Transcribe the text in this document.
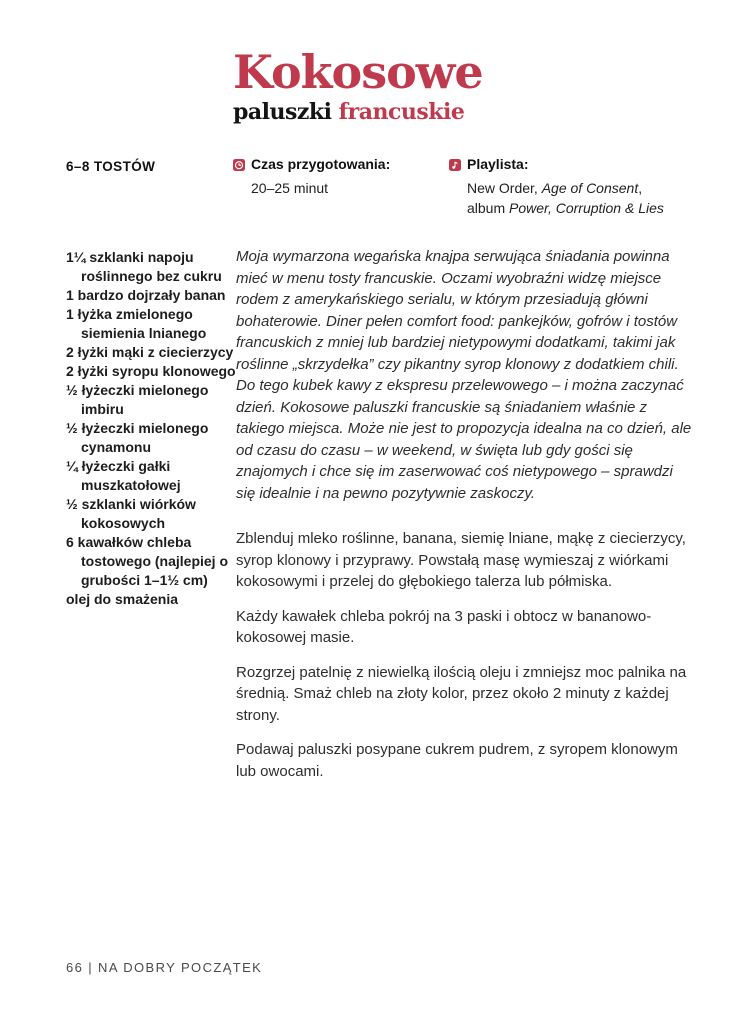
Kokosowe
paluszki francuskie
6–8 TOSTÓW	Czas przygotowania:
20–25 minut
Playlista:
New Order, Age of Consent,
album Power, Corruption & Lies
1¼ szklanki napoju roślinnego bez cukru
1 bardzo dojrzały banan
1 łyżka zmielonego siemienia lnianego
2 łyżki mąki z ciecierzycy
2 łyżki syropu klonowego
½ łyżeczki mielonego imbiru
½ łyżeczki mielonego cynamonu
¼ łyżeczki gałki muszkatołowej
½ szklanki wiórków kokosowych
6 kawałków chleba tostowego (najlepiej o grubości 1–1½ cm)
olej do smażenia

Moja wymarzona wegańska knajpa serwująca śniadania powinna mieć w menu tosty francuskie. Oczami wyobraźni widzę miejsce rodem z amerykańskiego serialu, w którym przesiadują główni bohaterowie. Diner pełen comfort food: pankejków, gofrów i tostów francuskich z mniej lub bardziej nietypowymi dodatkami, takimi jak roślinne „skrzydełka” czy pikantny syrop klonowy z dodatkiem chili. Do tego kubek kawy z ekspresu przelewowego – i można zaczynać dzień. Kokosowe paluszki francuskie są śniadaniem właśnie z takiego miejsca. Może nie jest to propozycja idealna na co dzień, ale od czasu do czasu – w weekend, w święta lub gdy gości się znajomych i chce się im zaserwować coś nietypowego – sprawdzi się idealnie i na pewno pozytywnie zaskoczy.

Zblenduj mleko roślinne, banana, siemię lniane, mąkę z ciecierzycy, syrop klonowy i przyprawy. Powstałą masę wymieszaj z wiórkami kokosowymi i przelej do głębokiego talerza lub półmiska.

Każdy kawałek chleba pokrój na 3 paski i obtocz w bananowo-kokosowej masie.

Rozgrzej patelnię z niewielką ilością oleju i zmniejsz moc palnika na średnią. Smaż chleb na złoty kolor, przez około 2 minuty z każdej strony.

Podawaj paluszki posypane cukrem pudrem, z syropem klonowym lub owocami.

66 | NA DOBRY POCZĄTEK
